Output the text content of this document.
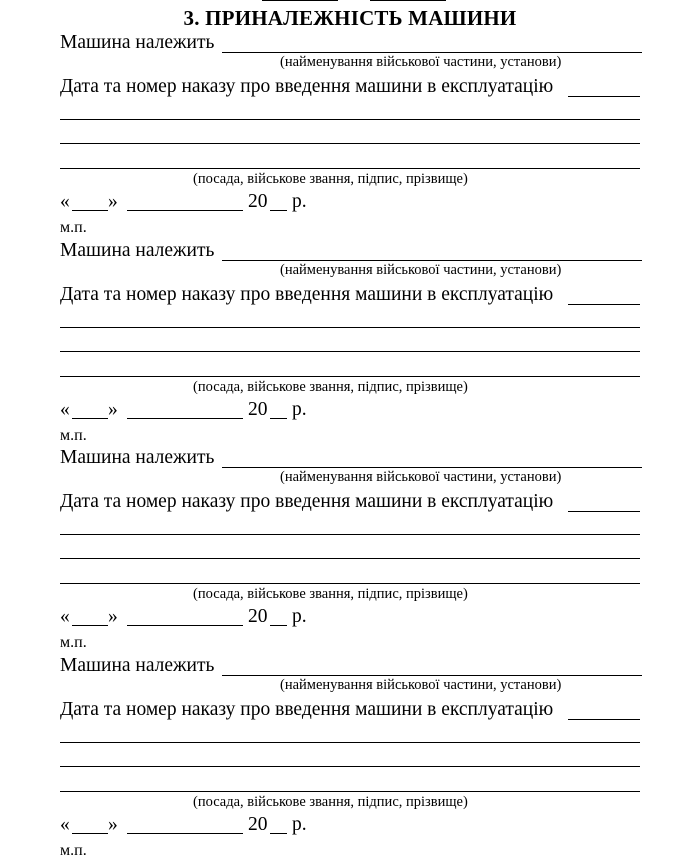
3. ПРИНАЛЕЖНІСТЬ МАШИНИ
Машина належить
(найменування військової частини, установи)
Дата та номер наказу про введення машини в експлуатацію
(посада, військове звання, підпис, прізвище)
« »	20 р.
м.п.
Машина належить
(найменування військової частини, установи)
Дата та номер наказу про введення машини в експлуатацію
(посада, військове звання, підпис, прізвище)
« »	20 р.
м.п.
Машина належить
(найменування військової частини, установи)
Дата та номер наказу про введення машини в експлуатацію
(посада, військове звання, підпис, прізвище)
« »	20 р.
м.п.
Машина належить
(найменування військової частини, установи)
Дата та номер наказу про введення машини в експлуатацію
(посада, військове звання, підпис, прізвище)
« »	20 р.
м.п.
